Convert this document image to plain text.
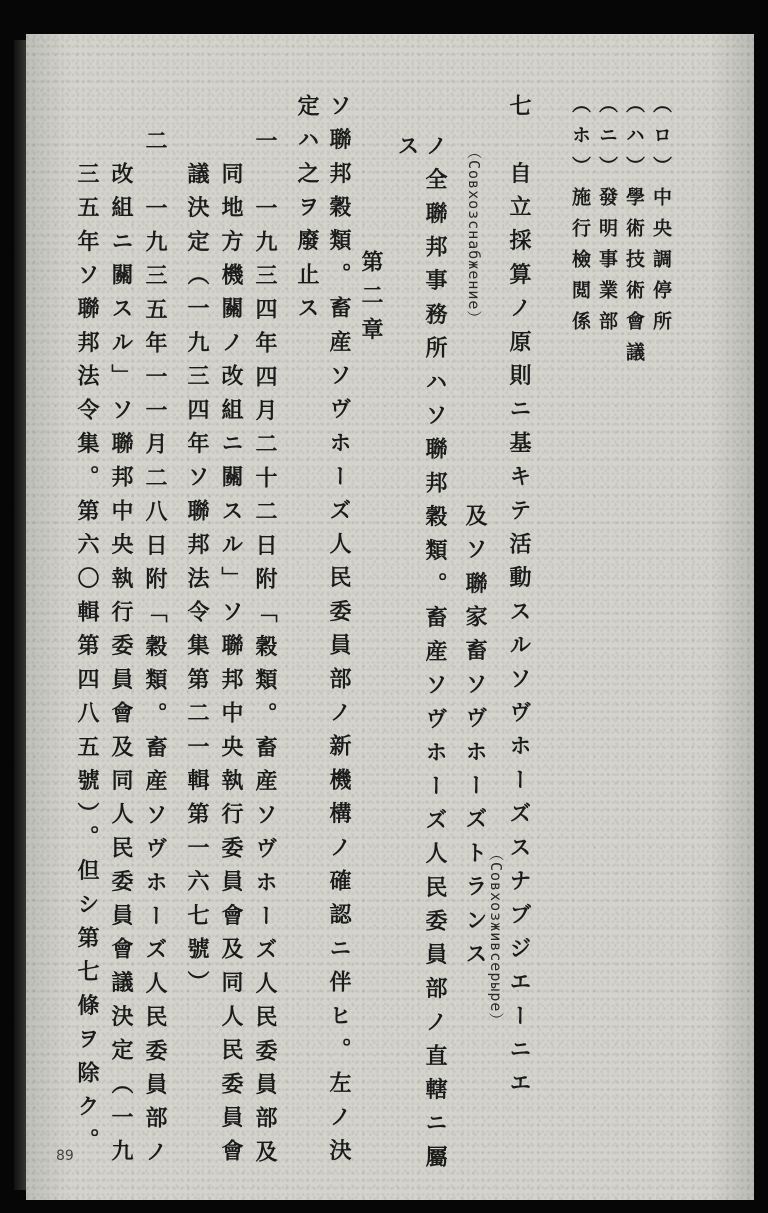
（ロ）中央調停所
（ハ）學術技術會議
（ニ）發明事業部
（ホ）施行檢閲係
七　自立採算ノ原則ニ基キテ活動スルソヴホーズスナブジエーニエ
及ソ聯家畜ソヴホーズトランス （Совхозживсерыре）
ノ全聯邦事務所ハソ聯邦穀類。畜産ソヴホーズ人民委員部ノ直轄ニ屬 （Совхозснабжение）
ス
第二章
ソ聯邦穀類。畜産ソヴホーズ人民委員部ノ新機構ノ確認ニ伴ヒ。左ノ決
定ハ之ヲ廢止ス
一　一九三四年四月二十二日附「穀類。畜産ソヴホーズ人民委員部及
同地方機關ノ改組ニ關スル」ソ聯邦中央執行委員會及同人民委員會
議決定（一九三四年ソ聯邦法令集第二一輯第一六七號）
二　一九三五年一一月二八日附「穀類。畜産ソヴホーズ人民委員部ノ
改組ニ關スル」ソ聯邦中央執行委員會及同人民委員會議決定（一九
三五年ソ聯邦法令集。第六〇輯第四八五號）。但シ第七條ヲ除ク。
89
